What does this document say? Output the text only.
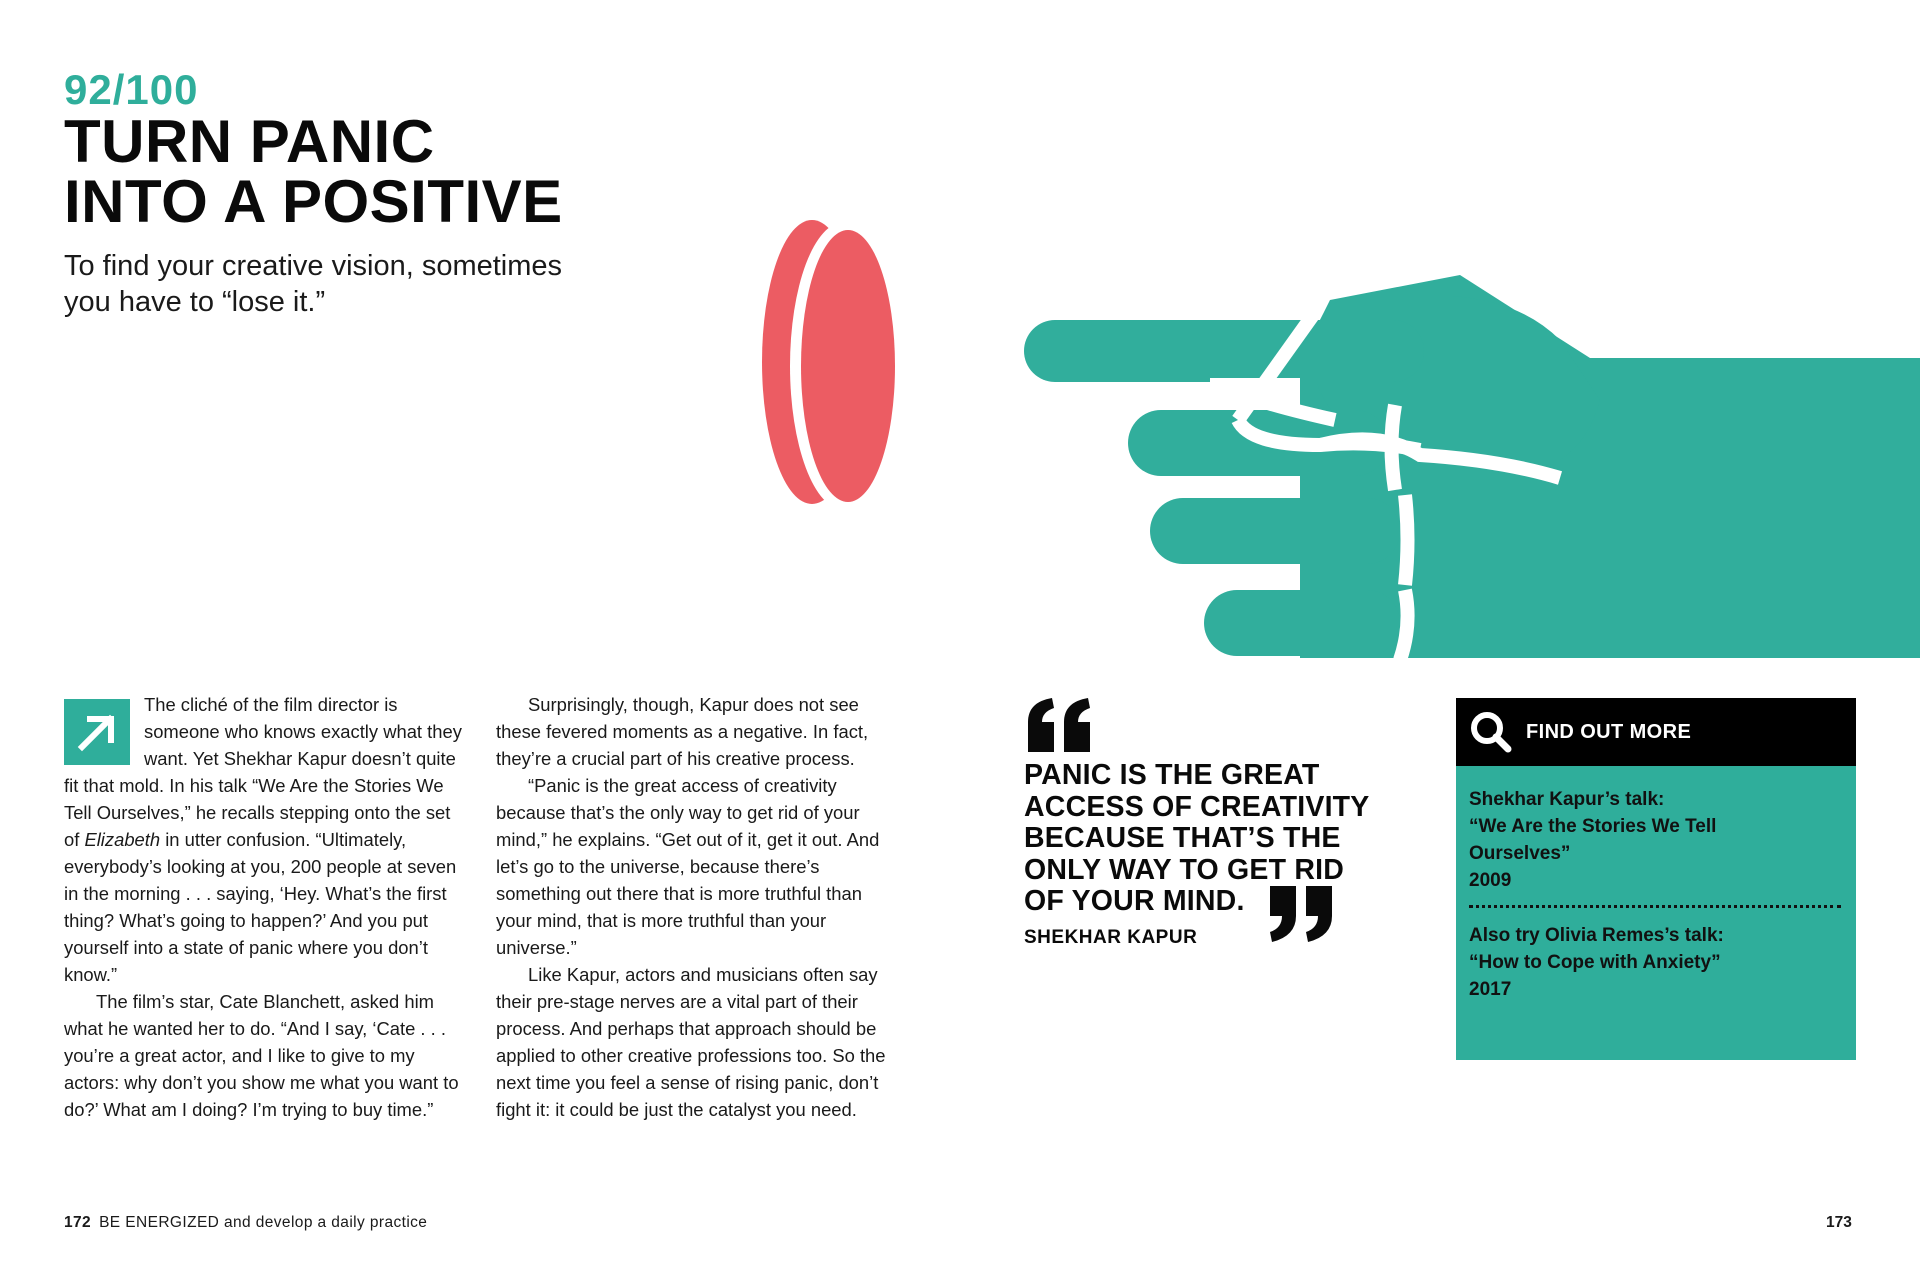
92/100
TURN PANIC
INTO A POSITIVE
To find your creative vision, sometimes
you have to “lose it.”

The cliché of the film director is someone who knows exactly what they want. Yet Shekhar Kapur doesn’t quite fit that mold. In his talk “We Are the Stories We Tell Ourselves,” he recalls stepping onto the set of Elizabeth in utter confusion. “Ultimately, everybody’s looking at you, 200 people at seven in the morning . . . saying, ‘Hey. What’s the first thing? What’s going to happen?’ And you put yourself into a state of panic where you don’t know.”

The film’s star, Cate Blanchett, asked him what he wanted her to do. “And I say, ‘Cate . . . you’re a great actor, and I like to give to my actors: why don’t you show me what you want to do?’ What am I doing? I’m trying to buy time.”

Surprisingly, though, Kapur does not see these fevered moments as a negative. In fact, they’re a crucial part of his creative process.

“Panic is the great access of creativity because that’s the only way to get rid of your mind,” he explains. “Get out of it, get it out. And let’s go to the universe, because there’s something out there that is more truthful than your mind, that is more truthful than your universe.”

Like Kapur, actors and musicians often say their pre-stage nerves are a vital part of their process. And perhaps that approach should be applied to other creative professions too. So the next time you feel a sense of rising panic, don’t fight it: it could be just the catalyst you need.

PANIC IS THE GREAT
ACCESS OF CREATIVITY
BECAUSE THAT’S THE
ONLY WAY TO GET RID
OF YOUR MIND.
SHEKHAR KAPUR
FIND OUT MORE
Shekhar Kapur’s talk:
“We Are the Stories We Tell
Ourselves”
2009
Also try Olivia Remes’s talk:
“How to Cope with Anxiety”
2017
172 BE ENERGIZED and develop a daily practice	173
